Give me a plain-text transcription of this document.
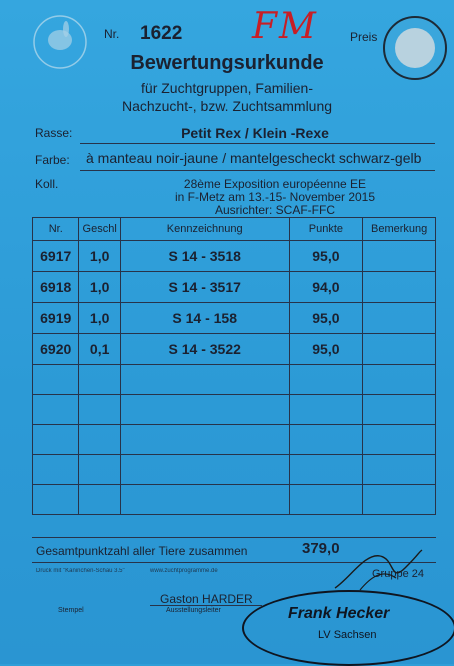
Nr. 1622 FM	Preis
Bewertungsurkunde
für Zuchtgruppen, Familien-
Nachzucht-, bzw. Zuchtsammlung
Rasse:	Petit Rex / Klein -Rexe
Farbe: à manteau noir-jaune / mantelgescheckt schwarz-gelb
Koll.	28ème Exposition européenne EE
in F-Metz am 13.-15- November 2015
Ausrichter: SCAF-FFC
Nr.	Geschl	Kennzeichnung	Punkte	Bemerkung
6917	1,0	S 14 - 3518	95,0	
6918	1,0	S 14 - 3517	94,0	
6919	1,0	S 14 - 158	95,0	
6920	0,1	S 14 - 3522	95,0	

Gesamtpunktzahl aller Tiere zusammen	379,0
Druck mit "Kaninchen-Schau 3.5"	www.zuchtprogramme.de	Gruppe 24
Stempel
Gaston HARDER
Ausstellungsleiter	Frank Hecker
LV Sachsen
